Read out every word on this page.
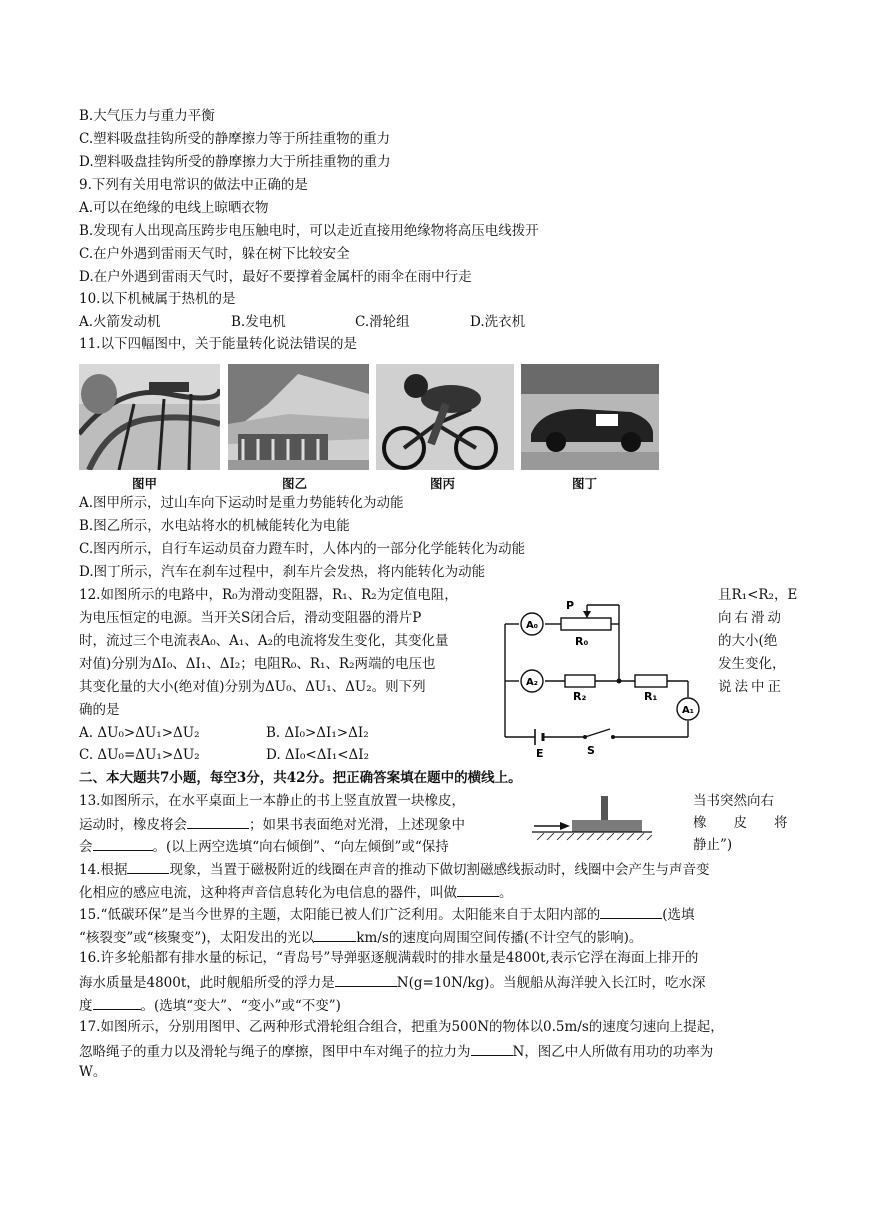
B.大气压力与重力平衡
C.塑料吸盘挂钩所受的静摩擦力等于所挂重物的重力
D.塑料吸盘挂钩所受的静摩擦力大于所挂重物的重力
9.下列有关用电常识的做法中正确的是
A.可以在绝缘的电线上晾晒衣物
B.发现有人出现高压跨步电压触电时，可以走近直接用绝缘物将高压电线拨开
C.在户外遇到雷雨天气时，躲在树下比较安全
D.在户外遇到雷雨天气时，最好不要撑着金属杆的雨伞在雨中行走
10.以下机械属于热机的是
A.火箭发动机	B.发电机	C.滑轮组	D.洗衣机
11.以下四幅图中，关于能量转化说法错误的是
图甲	图乙	图丙	图丁
A.图甲所示，过山车向下运动时是重力势能转化为动能
B.图乙所示，水电站将水的机械能转化为电能
C.图丙所示，自行车运动员奋力蹬车时，人体内的一部分化学能转化为动能
D.图丁所示，汽车在刹车过程中，刹车片会发热，将内能转化为动能
12.如图所示的电路中，R₀为滑动变阻器，R₁、R₂为定值电阻，	且R₁<R₂，E
为电压恒定的电源。当开关S闭合后，滑动变阻器的滑片P	向右滑动
时，流过三个电流表A₀、A₁、A₂的电流将发生变化，其变化量	的大小(绝
对值)分别为ΔI₀、ΔI₁、ΔI₂；电阻R₀、R₁、R₂两端的电压也	发生变化，
其变化量的大小(绝对值)分别为ΔU₀、ΔU₁、ΔU₂。则下列	说法中正
确的是
A. ΔU₀>ΔU₁>ΔU₂	B. ΔI₀>ΔI₁>ΔI₂
C. ΔU₀=ΔU₁>ΔU₂	D. ΔI₀<ΔI₁<ΔI₂
A₀
A₂
A₁
P
R₀
R₂	R₁
E	S
二、本大题共7小题，每空3分，共42分。把正确答案填在题中的横线上。
13.如图所示，在水平桌面上一本静止的书上竖直放置一块橡皮，	当书突然向右
运动时，橡皮将会	；如果书表面绝对光滑，上述现象中	橡　　皮　　将
会	。(以上两空选填“向右倾倒”、“向左倾倒”或“保持	静止”)
14.根据	现象，当置于磁极附近的线圈在声音的推动下做切割磁感线振动时，线圈中会产生与声音变
化相应的感应电流，这种将声音信息转化为电信息的器件，叫做	。
15.“低碳环保”是当今世界的主题，太阳能已被人们广泛利用。太阳能来自于太阳内部的	(选填
“核裂变”或“核聚变”)，太阳发出的光以	km/s的速度向周围空间传播(不计空气的影响)。
16.许多轮船都有排水量的标记，“青岛号”导弹驱逐舰满载时的排水量是4800t,表示它浮在海面上排开的
海水质量是4800t，此时舰船所受的浮力是	N(g=10N/kg)。当舰船从海洋驶入长江时，吃水深
度	。(选填“变大”、“变小”或“不变”)
17.如图所示，分别用图甲、乙两种形式滑轮组合组合，把重为500N的物体以0.5m/s的速度匀速向上提起，
忽略绳子的重力以及滑轮与绳子的摩擦，图甲中车对绳子的拉力为	N，图乙中人所做有用功的功率为
W。
